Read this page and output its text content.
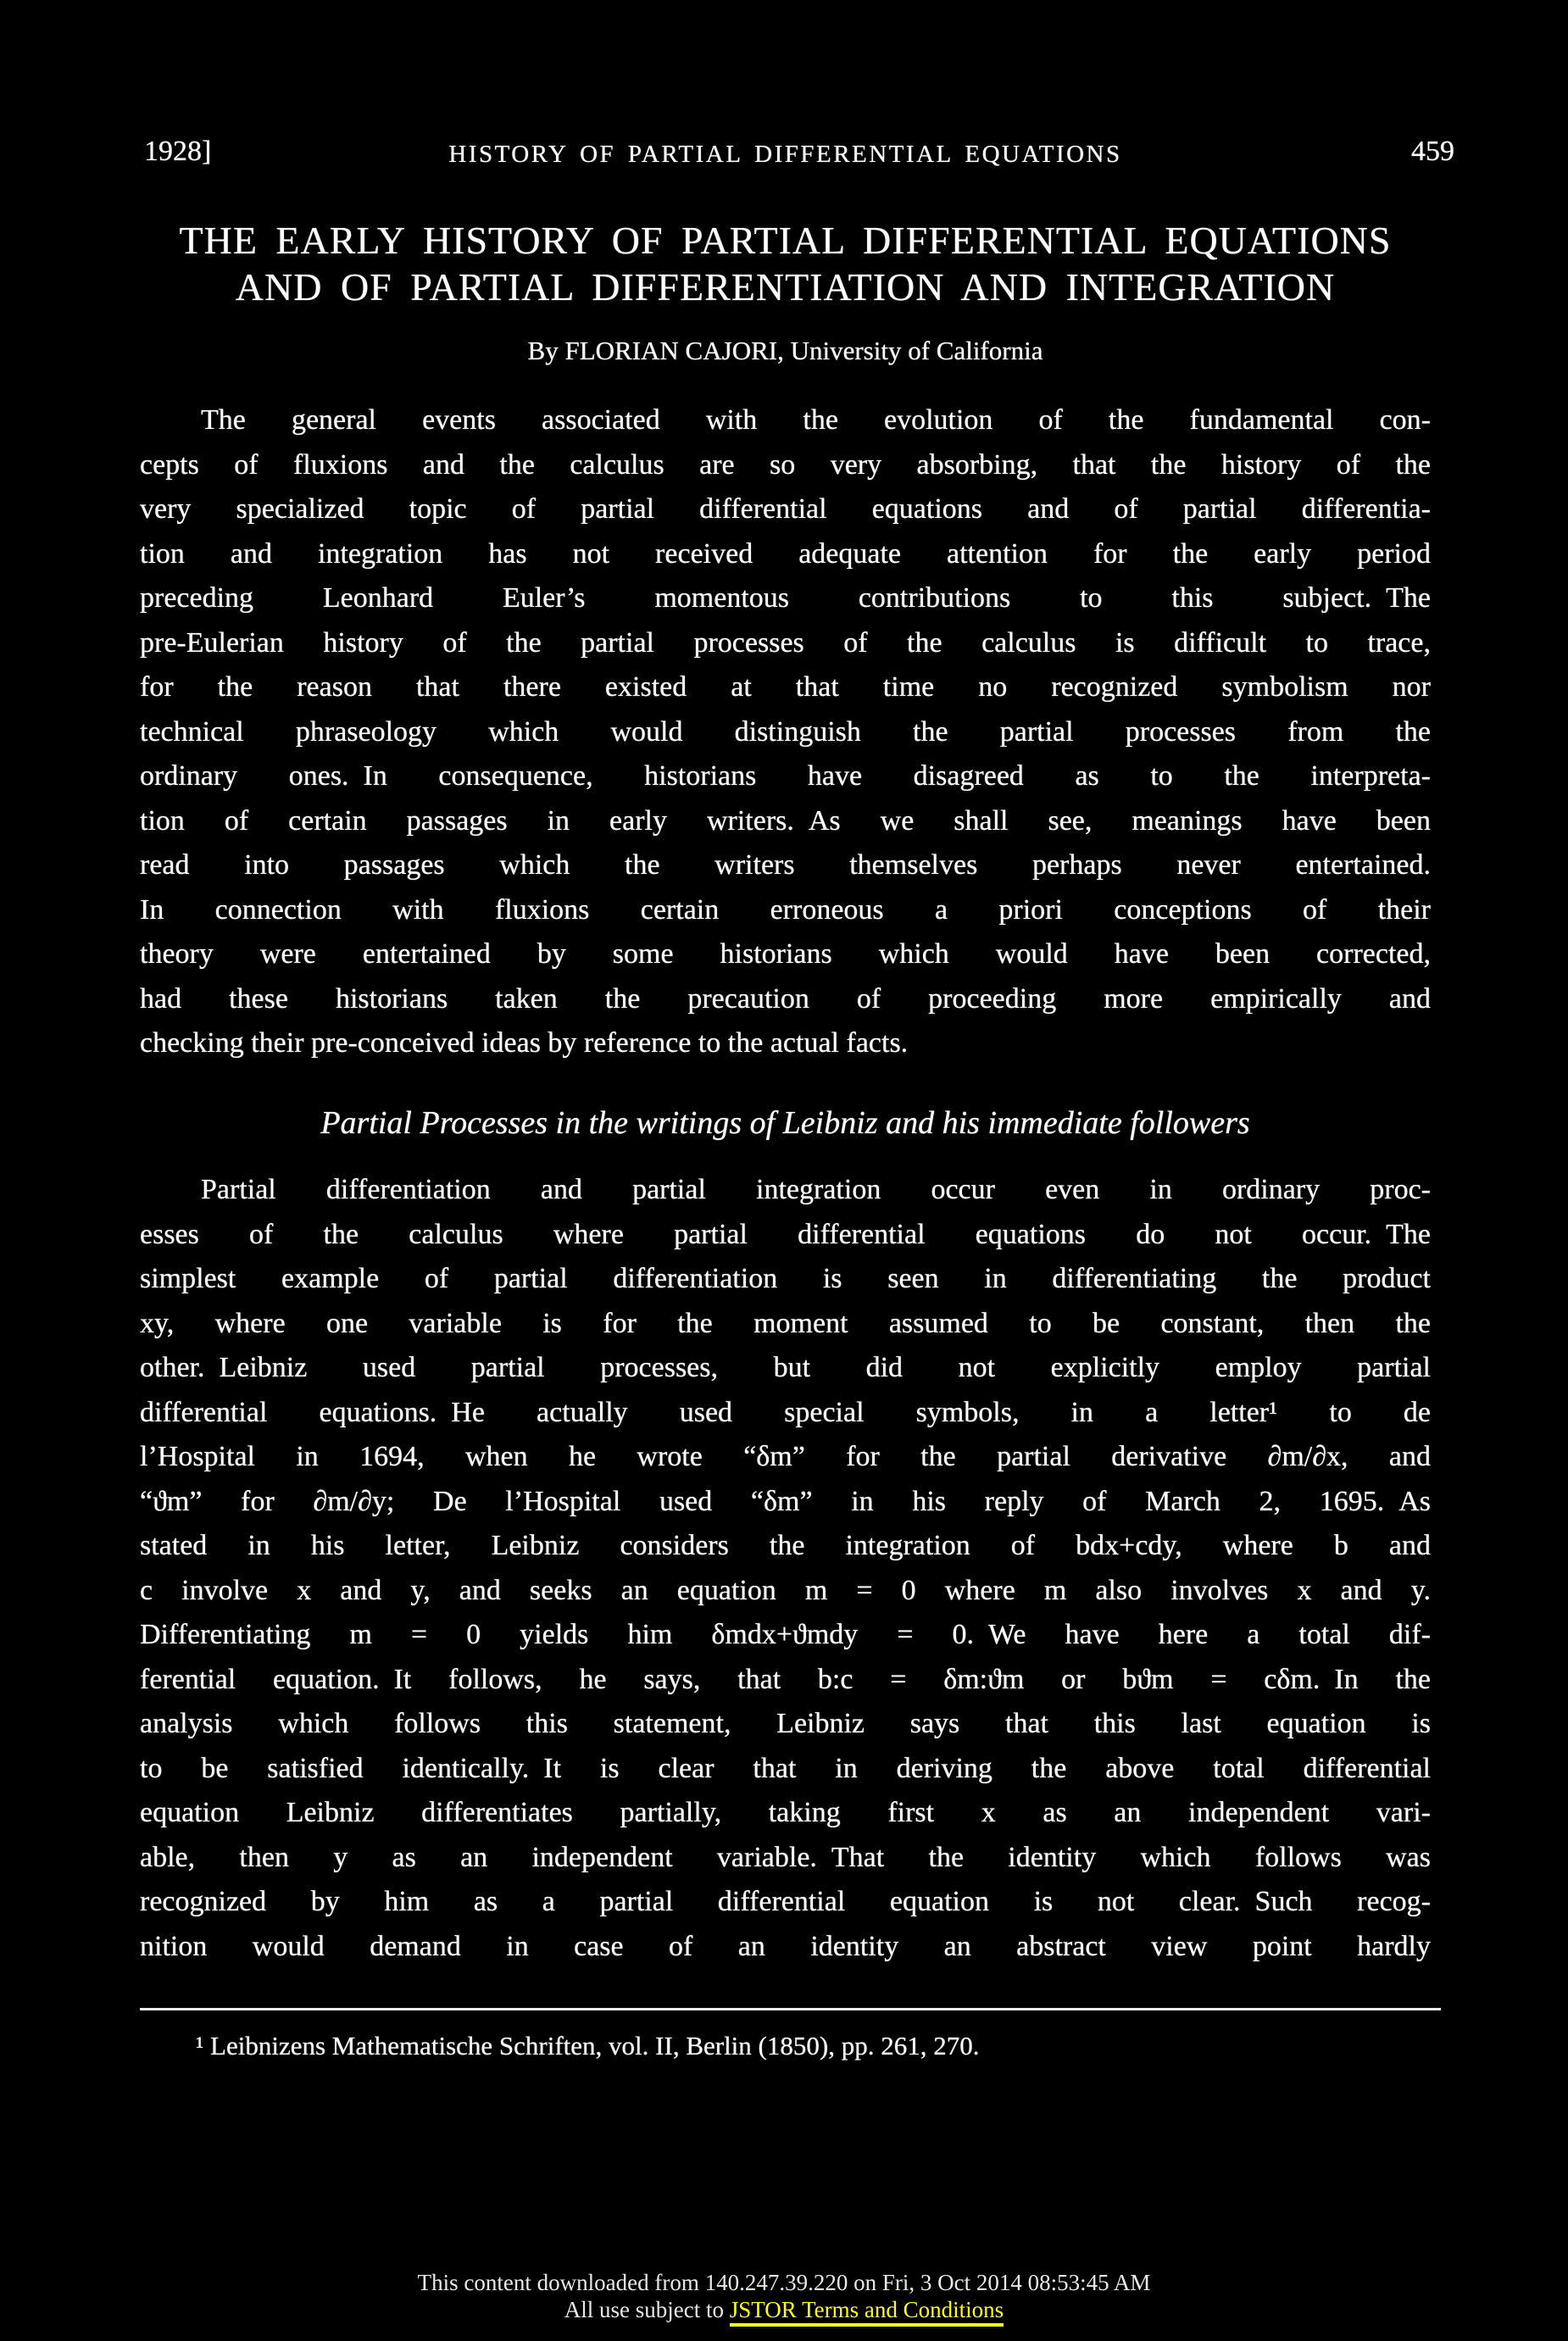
1928]	HISTORY OF PARTIAL DIFFERENTIAL EQUATIONS	459
THE EARLY HISTORY OF PARTIAL DIFFERENTIAL EQUATIONS
AND OF PARTIAL DIFFERENTIATION AND INTEGRATION
By FLORIAN CAJORI, University of California
The general events associated with the evolution of the fundamental con-
cepts of fluxions and the calculus are so very absorbing, that the history of the
very specialized topic of partial differential equations and of partial differentia-
tion and integration has not received adequate attention for the early period
preceding Leonhard Euler’s momentous contributions to this subject. The
pre-Eulerian history of the partial processes of the calculus is difficult to trace,
for the reason that there existed at that time no recognized symbolism nor
technical phraseology which would distinguish the partial processes from the
ordinary ones. In consequence, historians have disagreed as to the interpreta-
tion of certain passages in early writers. As we shall see, meanings have been
read into passages which the writers themselves perhaps never entertained.
In connection with fluxions certain erroneous a priori conceptions of their
theory were entertained by some historians which would have been corrected,
had these historians taken the precaution of proceeding more empirically and
checking their pre-conceived ideas by reference to the actual facts.
Partial Processes in the writings of Leibniz and his immediate followers
Partial differentiation and partial integration occur even in ordinary proc-
esses of the calculus where partial differential equations do not occur. The
simplest example of partial differentiation is seen in differentiating the product
xy, where one variable is for the moment assumed to be constant, then the
other. Leibniz used partial processes, but did not explicitly employ partial
differential equations. He actually used special symbols, in a letter¹ to de
l’Hospital in 1694, when he wrote “δm” for the partial derivative ∂m/∂x, and
“ϑm” for ∂m/∂y; De l’Hospital used “δm” in his reply of March 2, 1695. As
stated in his letter, Leibniz considers the integration of bdx+cdy, where b and
c involve x and y, and seeks an equation m = 0 where m also involves x and y.
Differentiating m = 0 yields him δmdx+ϑmdy = 0. We have here a total dif-
ferential equation. It follows, he says, that b:c = δm:ϑm or bϑm = cδm. In the
analysis which follows this statement, Leibniz says that this last equation is
to be satisfied identically. It is clear that in deriving the above total differential
equation Leibniz differentiates partially, taking first x as an independent vari-
able, then y as an independent variable. That the identity which follows was
recognized by him as a partial differential equation is not clear. Such recog-
nition would demand in case of an identity an abstract view point hardly
¹ Leibnizens Mathematische Schriften, vol. II, Berlin (1850), pp. 261, 270.
This content downloaded from 140.247.39.220 on Fri, 3 Oct 2014 08:53:45 AM
All use subject to JSTOR Terms and Conditions
